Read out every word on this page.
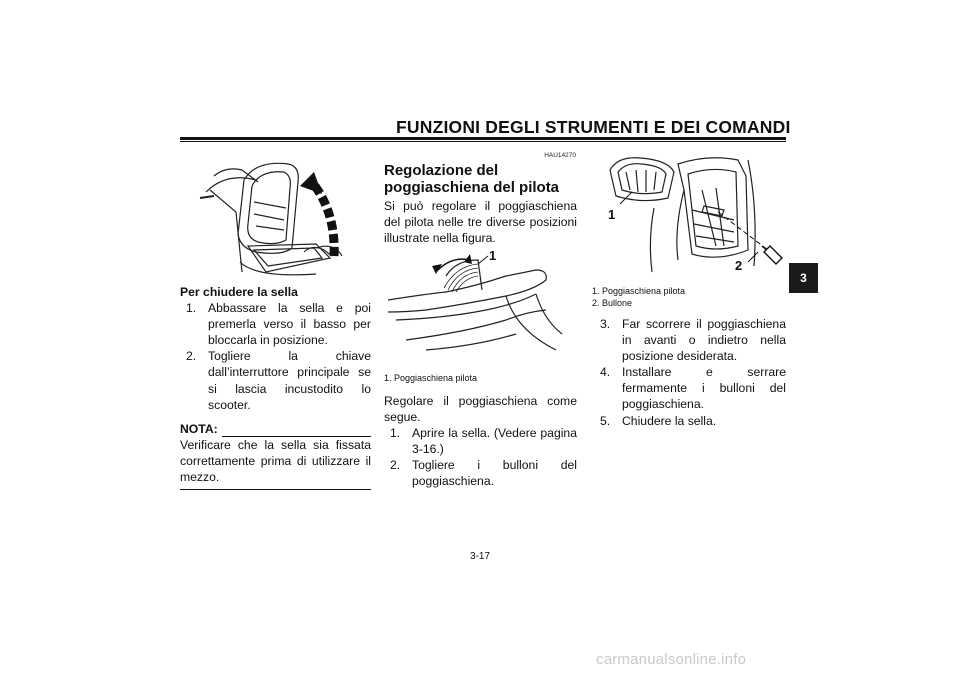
FUNZIONI DEGLI STRUMENTI E DEI COMANDI
3

Per chiudere la sella

1. Abbassare la sella e poi premerla verso il basso per bloccarla in posizione.
2. Togliere la chiave dall’interruttore principale se si lascia incustodito lo scooter.
NOTA:

Verificare che la sella sia fissata correttamente prima di utilizzare il mezzo.

HAU14270

Regolazione del poggiaschiena del pilota

Si può regolare il poggiaschiena del pilota nelle tre diverse posizioni illustrate nella figura.

1
1. Poggiaschiena pilota

Regolare il poggiaschiena come segue.

1. Aprire la sella. (Vedere pagina 3-16.)
2. Togliere i bulloni del poggiaschiena.
1
2

1. Poggiaschiena pilota

2. Bullone

3. Far scorrere il poggiaschiena in avanti o indietro nella posizione desiderata.
4. Installare e serrare fermamente i bulloni del poggiaschiena.
5. Chiudere la sella.
3-17
carmanualsonline.info
